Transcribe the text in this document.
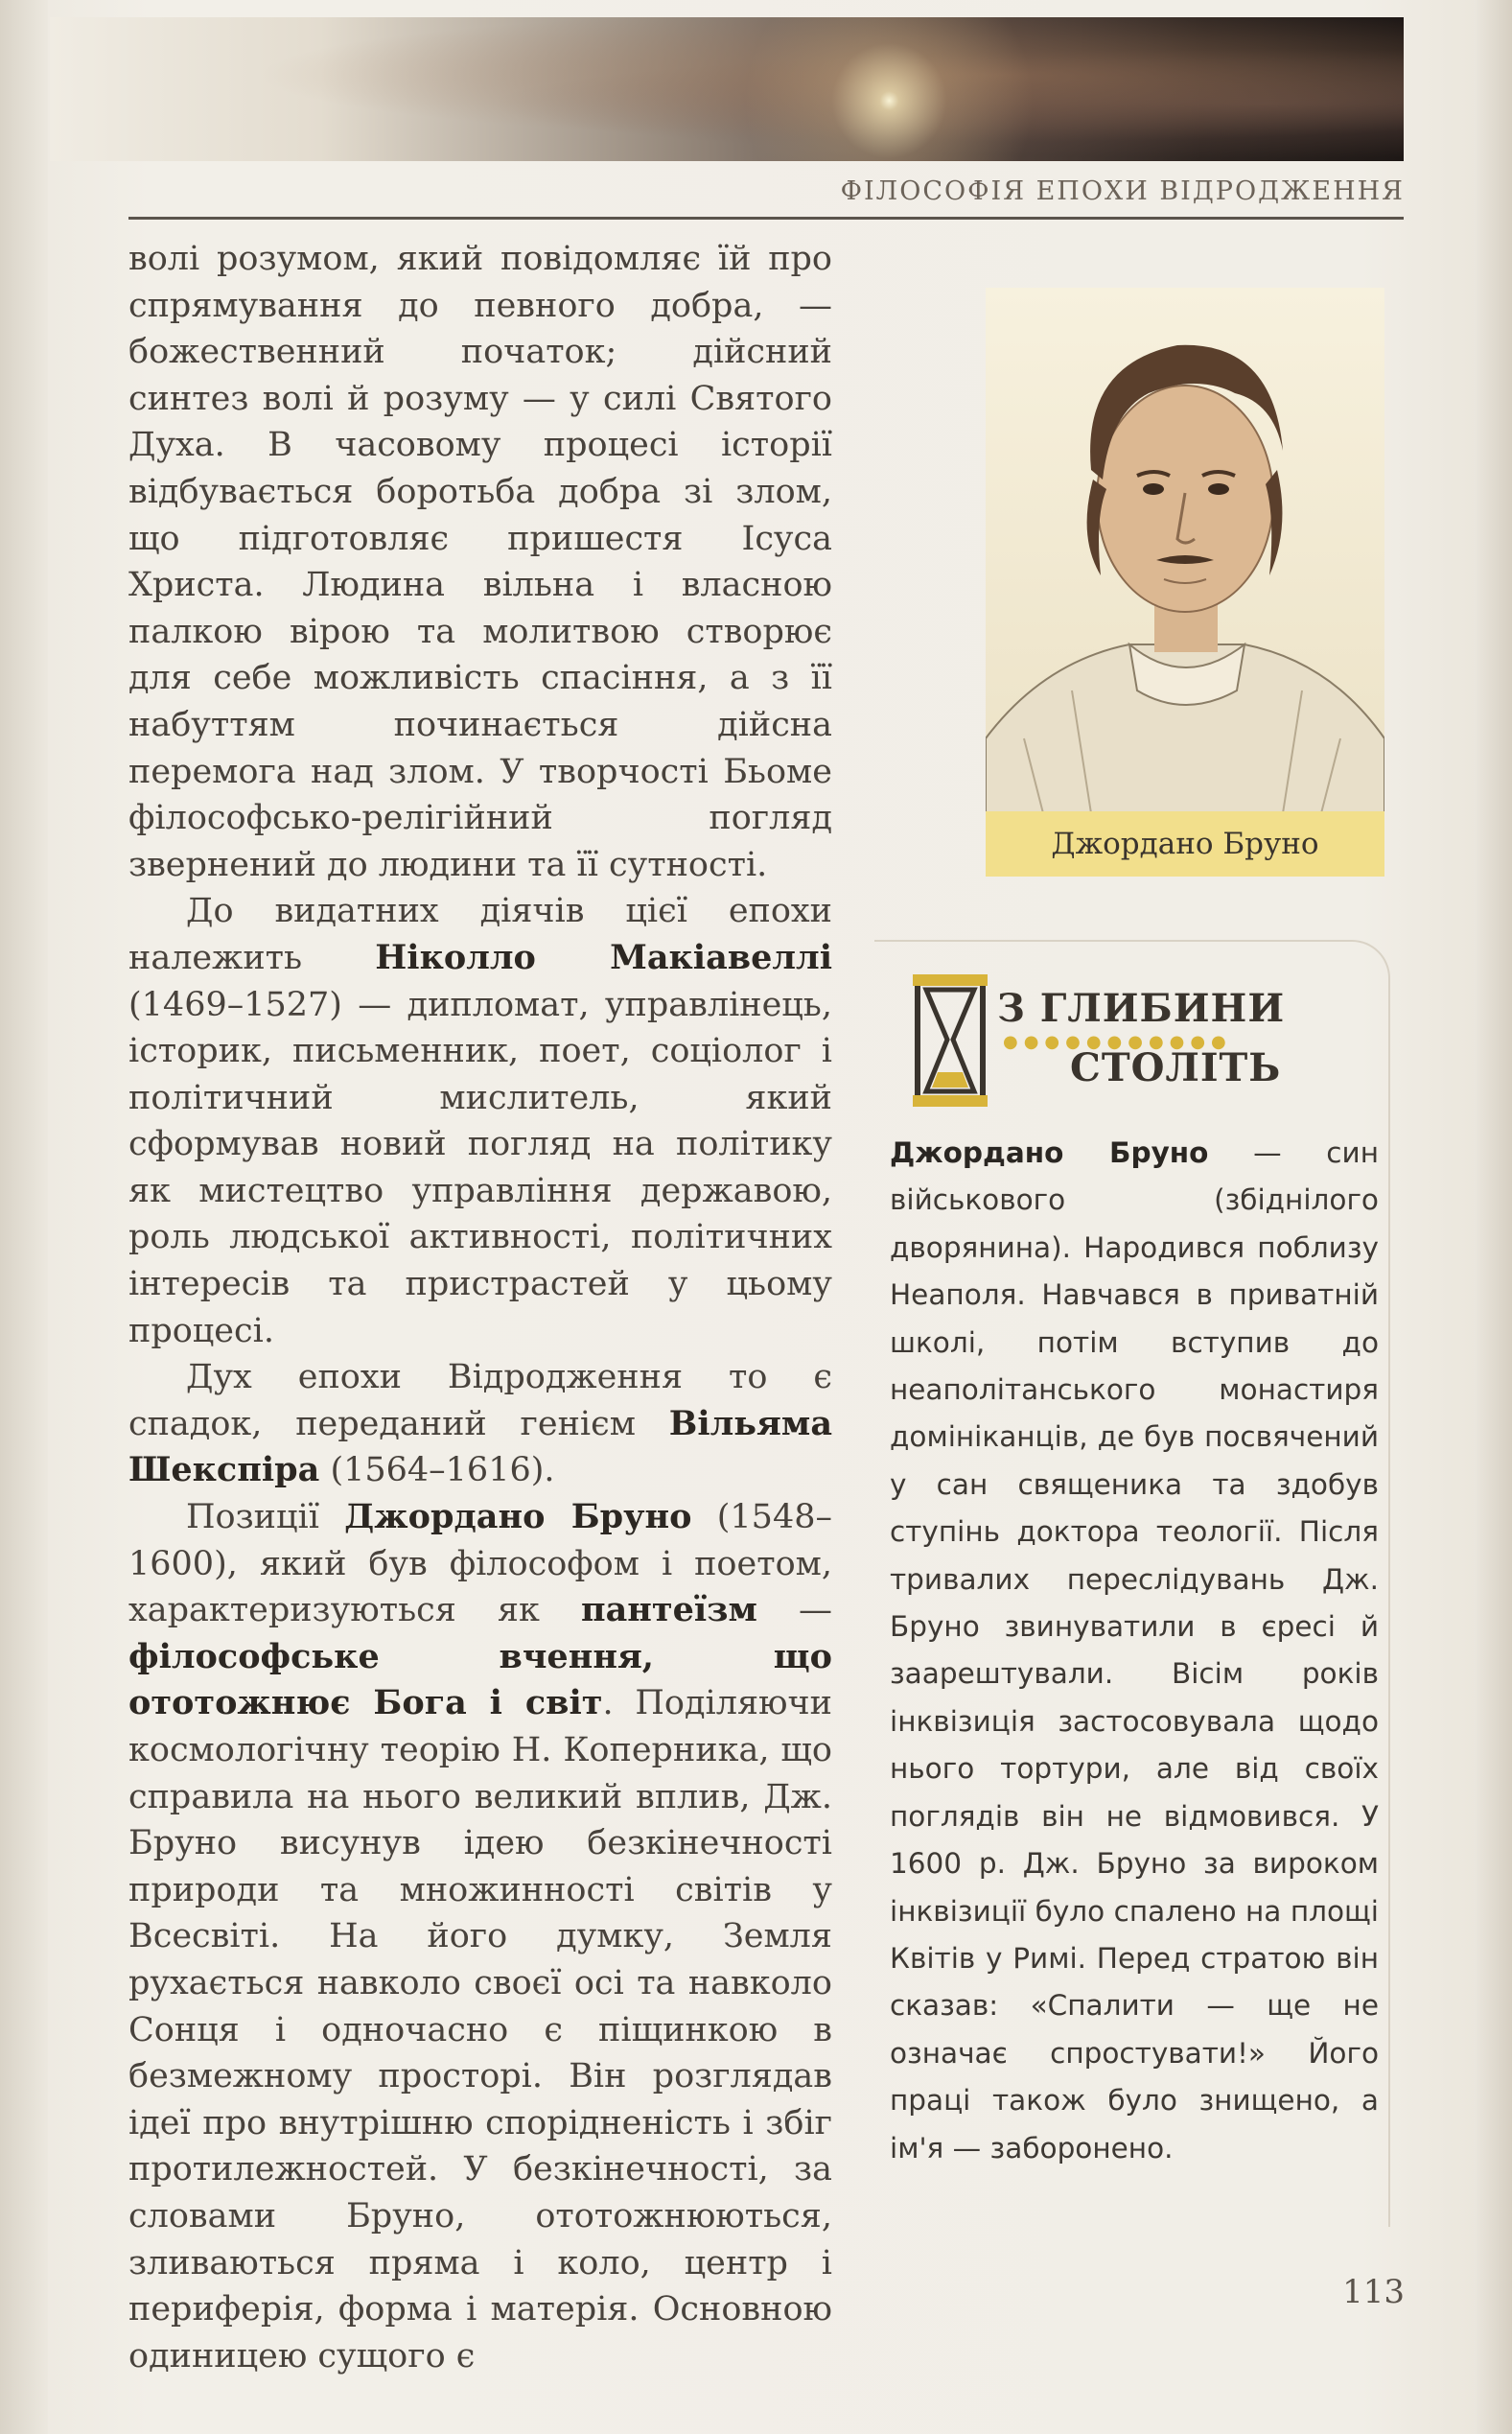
ФІЛОСОФІЯ ЕПОХИ ВІДРОДЖЕННЯ

волі розумом, який повідомляє їй про спрямування до певного добра, — божественний початок; дійсний синтез волі й розуму — у силі Святого Духа. В часовому процесі історії відбувається боротьба добра зі злом, що підготовляє пришестя Ісуса Христа. Людина вільна і власною палкою вірою та молитвою створює для себе можливість спасіння, а з її набуттям починається дійсна перемога над злом. У творчості Бьоме філософсько-релігійний погляд звернений до людини та її сутності.

До видатних діячів цієї епохи належить Ніколло Макіавеллі (1469–1527) — дипломат, управлінець, історик, письменник, поет, соціолог і політичний мислитель, який сформував новий погляд на політику як мистецтво управління державою, роль людської активності, політичних інтересів та пристрастей у цьому процесі.

Дух епохи Відродження то є спадок, переданий генієм Вільяма Шекспіра (1564–1616).

Позиції Джордано Бруно (1548–1600), який був філософом і поетом, характеризуються як пантеїзм — філософське вчення, що ототожнює Бога і світ. Поділяючи космологічну теорію Н. Коперника, що справила на нього великий вплив, Дж. Бруно висунув ідею безкінечності природи та множинності світів у Всесвіті. На його думку, Земля рухається навколо своєї осі та навколо Сонця і одночасно є піщинкою в безмежному просторі. Він розглядав ідеї про внутрішню спорідненість і збіг протилежностей. У безкінечності, за словами Бруно, ототожнюються, зливаються пряма і коло, центр і периферія, форма і матерія. Основною одиницею сущого є

Джордано Бруно
З ГЛИБИНИ
●●●●●●●●●●●
СТОЛІТЬ
Джордано Бруно — син військового (збіднілого дворянина). Народився поблизу Неаполя. Навчався в приватній школі, потім вступив до неаполітанського монастиря домініканців, де був посвячений у сан священика та здобув ступінь доктора теології. Після тривалих переслідувань Дж. Бруно звинуватили в єресі й заарештували. Вісім років інквізиція застосовувала щодо нього тортури, але від своїх поглядів він не відмовився. У 1600 р. Дж. Бруно за вироком інквізиції було спалено на площі Квітів у Римі. Перед стратою він сказав: «Спалити — ще не означає спростувати!» Його праці також було знищено, а ім'я — заборонено.
113
